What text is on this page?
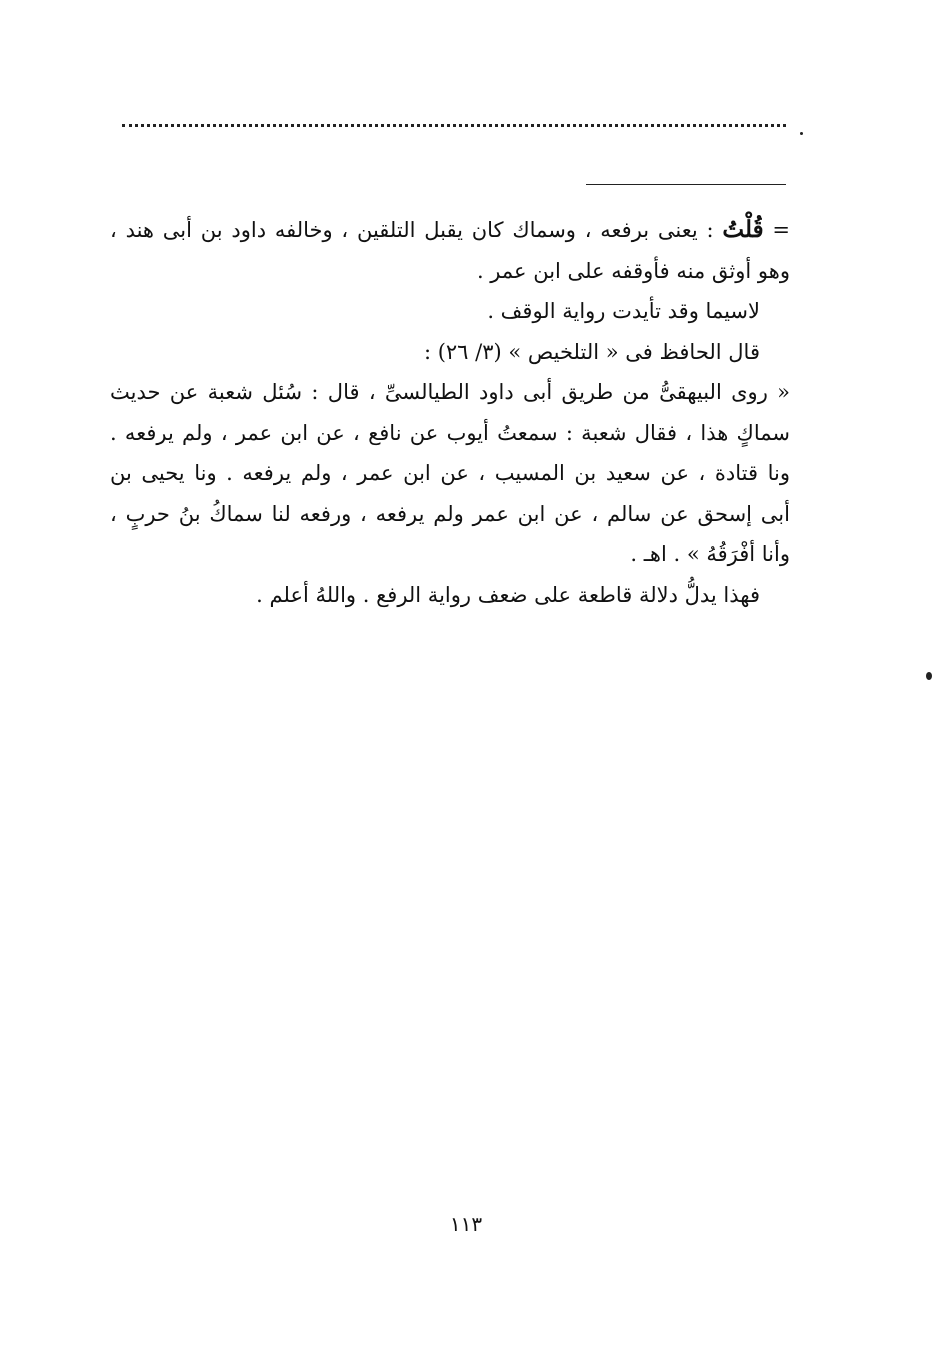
= قُلْتُ : يعنى برفعه ، وسماك كان يقبل التلقين ، وخالفه داود بن أبى هند ،
وهو أوثق منه فأوقفه على ابن عمر .
لاسيما وقد تأيدت رواية الوقف .
قال الحافظ فى « التلخيص » (٣/ ٢٦) :
« روى البيهقىُّ من طريق أبى داود الطيالسىِّ ، قال : سُئل شعبة عن حديث
سماكٍ هذا ، فقال شعبة : سمعتُ أيوب عن نافع ، عن ابن عمر ، ولم يرفعه .
ونا قتادة ، عن سعيد بن المسيب ، عن ابن عمر ، ولم يرفعه . ونا يحيى بن
أبى إسحق عن سالم ، عن ابن عمر ولم يرفعه ، ورفعه لنا سماكُ بنُ حربٍ ،
وأنا أفْرَقُهُ » . اهـ .
فهذا يدلُّ دلالة قاطعة على ضعف رواية الرفع . واللهُ أعلم .
١١٣
